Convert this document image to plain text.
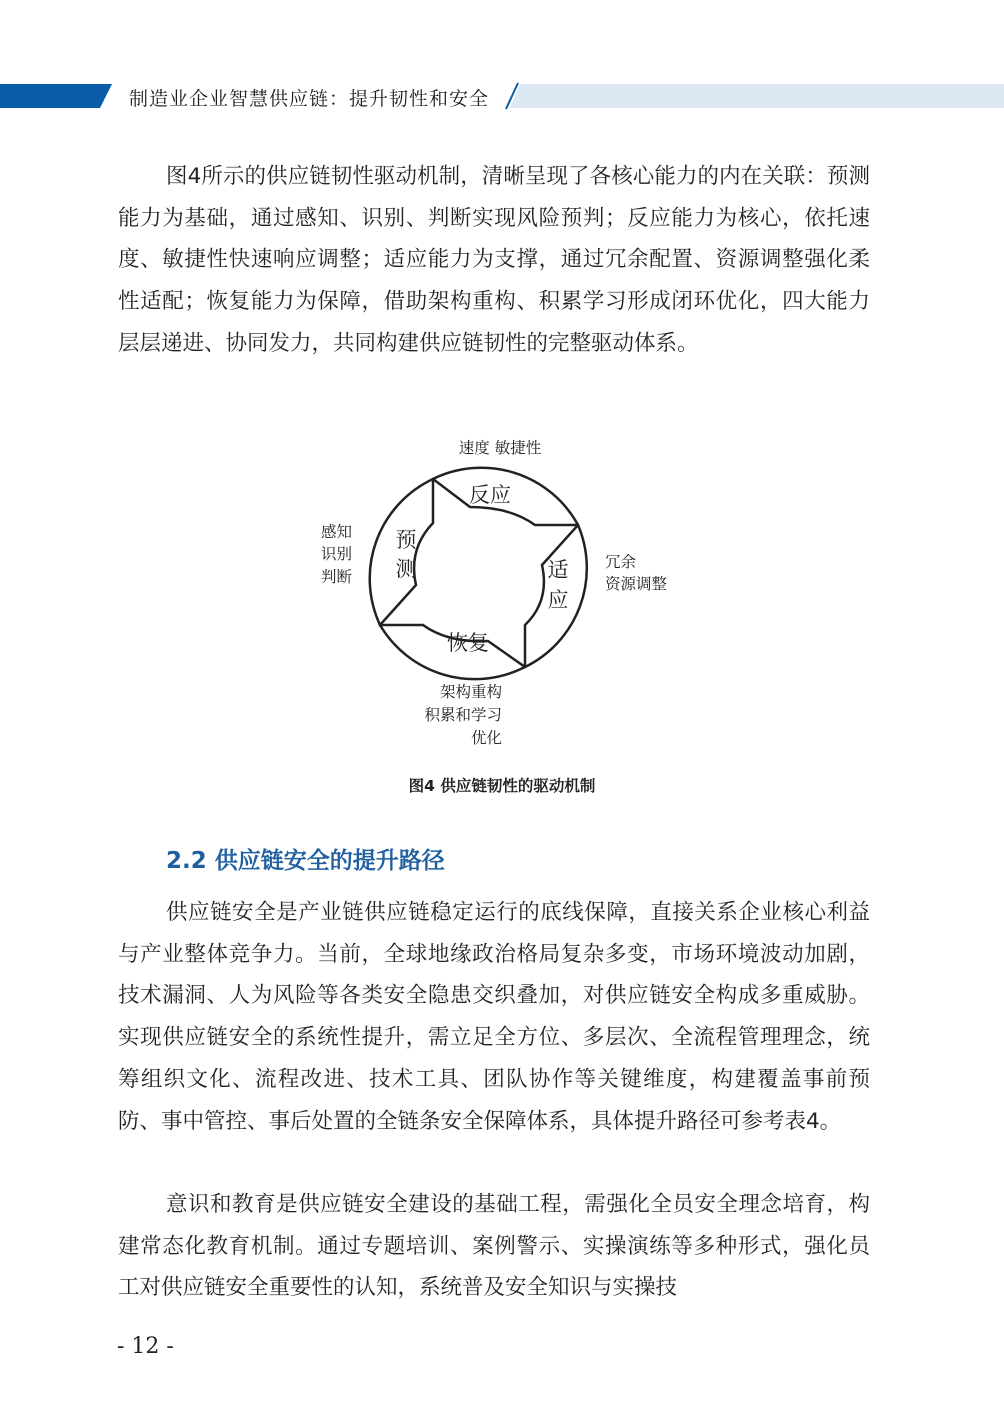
制造业企业智慧供应链：提升韧性和安全

图4所示的供应链韧性驱动机制，清晰呈现了各核心能力的内在关联：预测能力为基础，通过感知、识别、判断实现风险预判；反应能力为核心，依托速度、敏捷性快速响应调整；适应能力为支撑，通过冗余配置、资源调整强化柔性适配；恢复能力为保障，借助架构重构、积累学习形成闭环优化，四大能力层层递进、协同发力，共同构建供应链韧性的完整驱动体系。

反应
预
测	适
应
恢复
速度 敏捷性
感知
识别
判断
冗余
资源调整
架构重构
积累和学习
优化
图4 供应链韧性的驱动机制
2.2 供应链安全的提升路径

供应链安全是产业链供应链稳定运行的底线保障，直接关系企业核心利益与产业整体竞争力。当前，全球地缘政治格局复杂多变，市场环境波动加剧，技术漏洞、人为风险等各类安全隐患交织叠加，对供应链安全构成多重威胁。实现供应链安全的系统性提升，需立足全方位、多层次、全流程管理理念，统筹组织文化、流程改进、技术工具、团队协作等关键维度，构建覆盖事前预防、事中管控、事后处置的全链条安全保障体系，具体提升路径可参考表4。

意识和教育是供应链安全建设的基础工程，需强化全员安全理念培育，构建常态化教育机制。通过专题培训、案例警示、实操演练等多种形式，强化员工对供应链安全重要性的认知，系统普及安全知识与实操技

- 12 -
